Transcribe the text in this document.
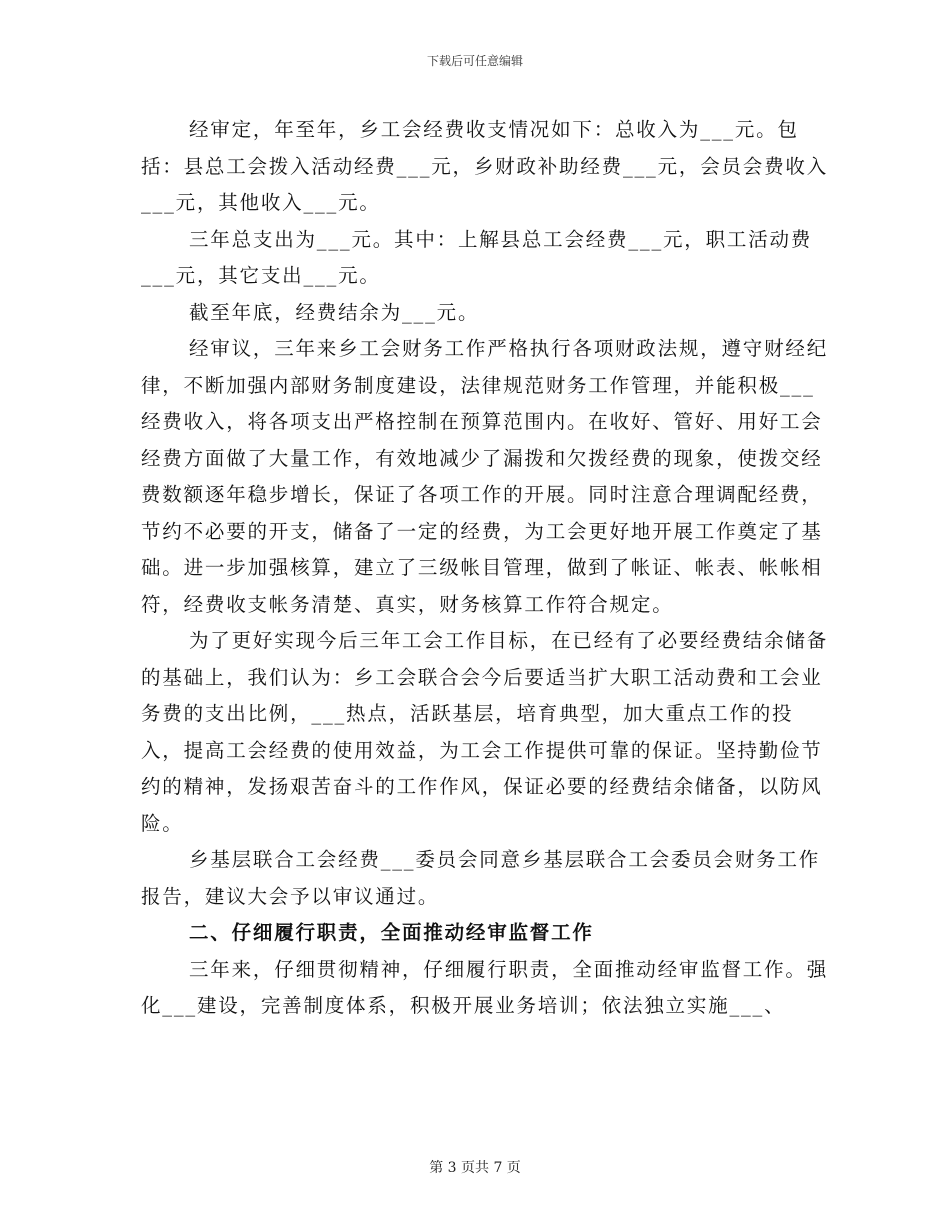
下载后可任意编辑

经审定，年至年，乡工会经费收支情况如下：总收入为___元。包括：县总工会拨入活动经费___元，乡财政补助经费___元，会员会费收入___元，其他收入___元。

三年总支出为___元。其中：上解县总工会经费___元，职工活动费___元，其它支出___元。

截至年底，经费结余为___元。

经审议，三年来乡工会财务工作严格执行各项财政法规，遵守财经纪律，不断加强内部财务制度建设，法律规范财务工作管理，并能积极___经费收入，将各项支出严格控制在预算范围内。在收好、管好、用好工会经费方面做了大量工作，有效地减少了漏拨和欠拨经费的现象，使拨交经费数额逐年稳步增长，保证了各项工作的开展。同时注意合理调配经费，节约不必要的开支，储备了一定的经费，为工会更好地开展工作奠定了基础。进一步加强核算，建立了三级帐目管理，做到了帐证、帐表、帐帐相符，经费收支帐务清楚、真实，财务核算工作符合规定。

为了更好实现今后三年工会工作目标，在已经有了必要经费结余储备的基础上，我们认为：乡工会联合会今后要适当扩大职工活动费和工会业务费的支出比例，___热点，活跃基层，培育典型，加大重点工作的投入，提高工会经费的使用效益，为工会工作提供可靠的保证。坚持勤俭节约的精神，发扬艰苦奋斗的工作作风，保证必要的经费结余储备，以防风险。

乡基层联合工会经费___委员会同意乡基层联合工会委员会财务工作报告，建议大会予以审议通过。

二、仔细履行职责，全面推动经审监督工作

三年来，仔细贯彻精神，仔细履行职责，全面推动经审监督工作。强化___建设，完善制度体系，积极开展业务培训；依法独立实施___、

第 3 页共 7 页
